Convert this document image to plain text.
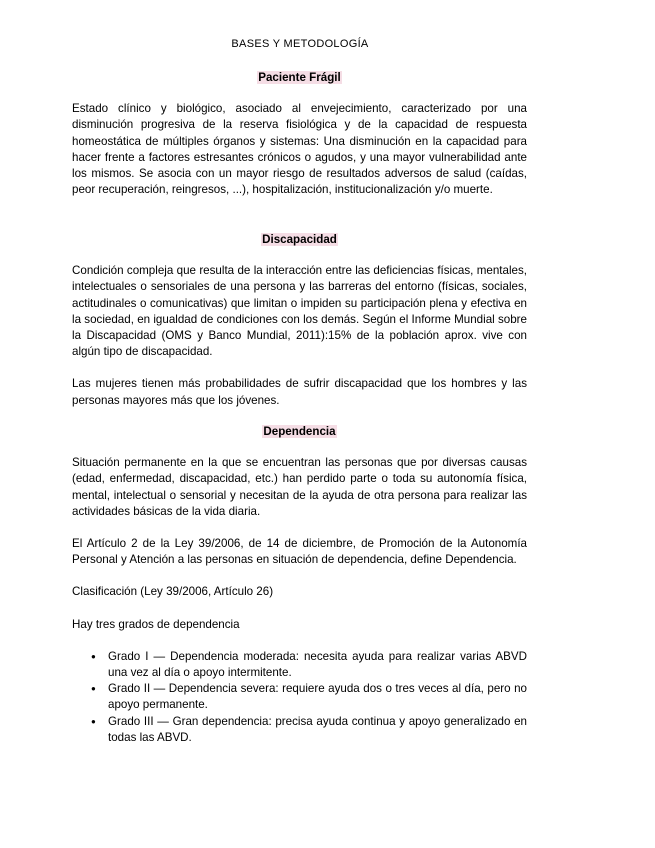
BASES Y METODOLOGÍA
Paciente Frágil

Estado clínico y biológico, asociado al envejecimiento, caracterizado por una disminución progresiva de la reserva fisiológica y de la capacidad de respuesta homeostática de múltiples órganos y sistemas: Una disminución en la capacidad para hacer frente a factores estresantes crónicos o agudos, y una mayor vulnerabilidad ante los mismos. Se asocia con un mayor riesgo de resultados adversos de salud (caídas, peor recuperación, reingresos, ...), hospitalización, institucionalización y/o muerte.

Discapacidad

Condición compleja que resulta de la interacción entre las deficiencias físicas, mentales, intelectuales o sensoriales de una persona y las barreras del entorno (físicas, sociales, actitudinales o comunicativas) que limitan o impiden su participación plena y efectiva en la sociedad, en igualdad de condiciones con los demás. Según el Informe Mundial sobre la Discapacidad (OMS y Banco Mundial, 2011):15% de la población aprox. vive con algún tipo de discapacidad.

Las mujeres tienen más probabilidades de sufrir discapacidad que los hombres y las personas mayores más que los jóvenes.

Dependencia

Situación permanente en la que se encuentran las personas que por diversas causas (edad, enfermedad, discapacidad, etc.) han perdido parte o toda su autonomía física, mental, intelectual o sensorial y necesitan de la ayuda de otra persona para realizar las actividades básicas de la vida diaria.

El Artículo 2 de la Ley 39/2006, de 14 de diciembre, de Promoción de la Autonomía Personal y Atención a las personas en situación de dependencia, define Dependencia.

Clasificación (Ley 39/2006, Artículo 26)

Hay tres grados de dependencia

● Grado I — Dependencia moderada: necesita ayuda para realizar varias ABVD una vez al día o apoyo intermitente.
● Grado II — Dependencia severa: requiere ayuda dos o tres veces al día, pero no apoyo permanente.
● Grado III — Gran dependencia: precisa ayuda continua y apoyo generalizado en todas las ABVD.
